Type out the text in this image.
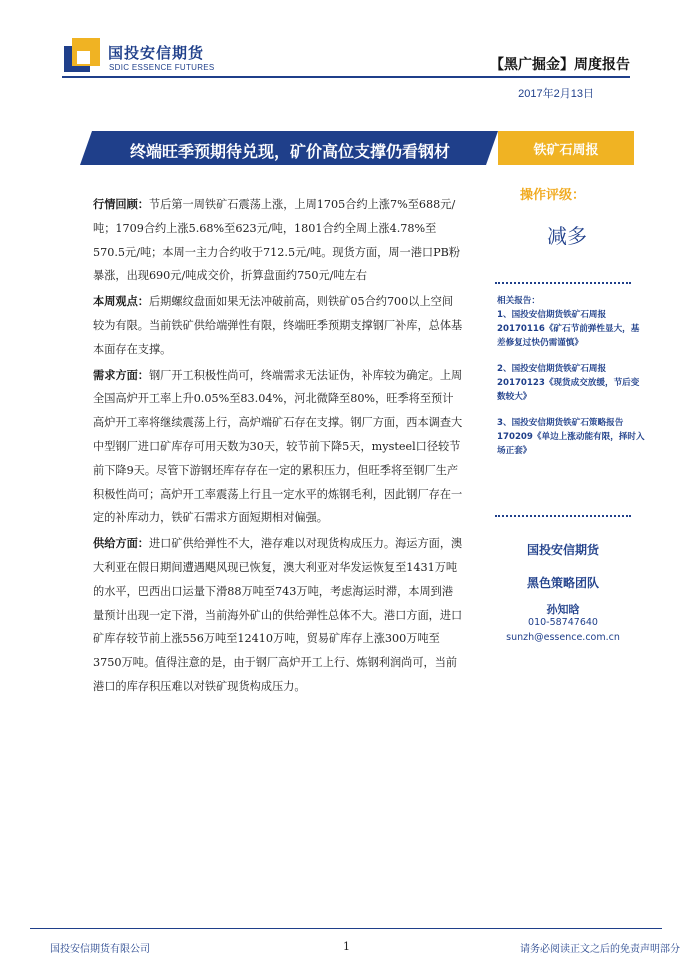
国投安信期货
SDIC ESSENCE FUTURES	【黑广掘金】周度报告
2017年2月13日
终端旺季预期待兑现，矿价高位支撑仍看钢材	铁矿石周报

行情回顾：节后第一周铁矿石震荡上涨，上周1705合约上涨7%至688元/吨；1709合约上涨5.68%至623元/吨，1801合约全周上涨4.78%至570.5元/吨；本周一主力合约收于712.5元/吨。现货方面，周一港口PB粉暴涨，出现690元/吨成交价，折算盘面约750元/吨左右

本周观点：后期螺纹盘面如果无法冲破前高，则铁矿05合约700以上空间较为有限。当前铁矿供给端弹性有限，终端旺季预期支撑钢厂补库，总体基本面存在支撑。

需求方面：钢厂开工积极性尚可，终端需求无法证伪，补库较为确定。上周全国高炉开工率上升0.05%至83.04%，河北微降至80%，旺季将至预计高炉开工率将继续震荡上行，高炉端矿石存在支撑。钢厂方面，西本调查大中型钢厂进口矿库存可用天数为30天，较节前下降5天，mysteel口径较节前下降9天。尽管下游钢坯库存存在一定的累积压力，但旺季将至钢厂生产积极性尚可；高炉开工率震荡上行且一定水平的炼钢毛利，因此钢厂存在一定的补库动力，铁矿石需求方面短期相对偏强。

供给方面：进口矿供给弹性不大，港存难以对现货构成压力。海运方面，澳大利亚在假日期间遭遇飓风现已恢复，澳大利亚对华发运恢复至1431万吨的水平，巴西出口运量下滑88万吨至743万吨，考虑海运时滞，本周到港量预计出现一定下滑，当前海外矿山的供给弹性总体不大。港口方面，进口矿库存较节前上涨556万吨至12410万吨，贸易矿库存上涨300万吨至3750万吨。值得注意的是，由于钢厂高炉开工上行、炼钢利润尚可，当前港口的库存积压难以对铁矿现货构成压力。

操作评级：
减多
相关报告：
1、国投安信期货铁矿石周报20170116《矿石节前弹性显大，基差修复过快仍需谨慎》
2、国投安信期货铁矿石周报20170123《现货成交放缓，节后变数较大》
3、国投安信期货铁矿石策略报告170209《单边上涨动能有限，择时入场正套》
国投安信期货
黑色策略团队
孙知晗
010-58747640
sunzh@essence.com.cn
国投安信期货有限公司	1	请务必阅读正文之后的免责声明部分
